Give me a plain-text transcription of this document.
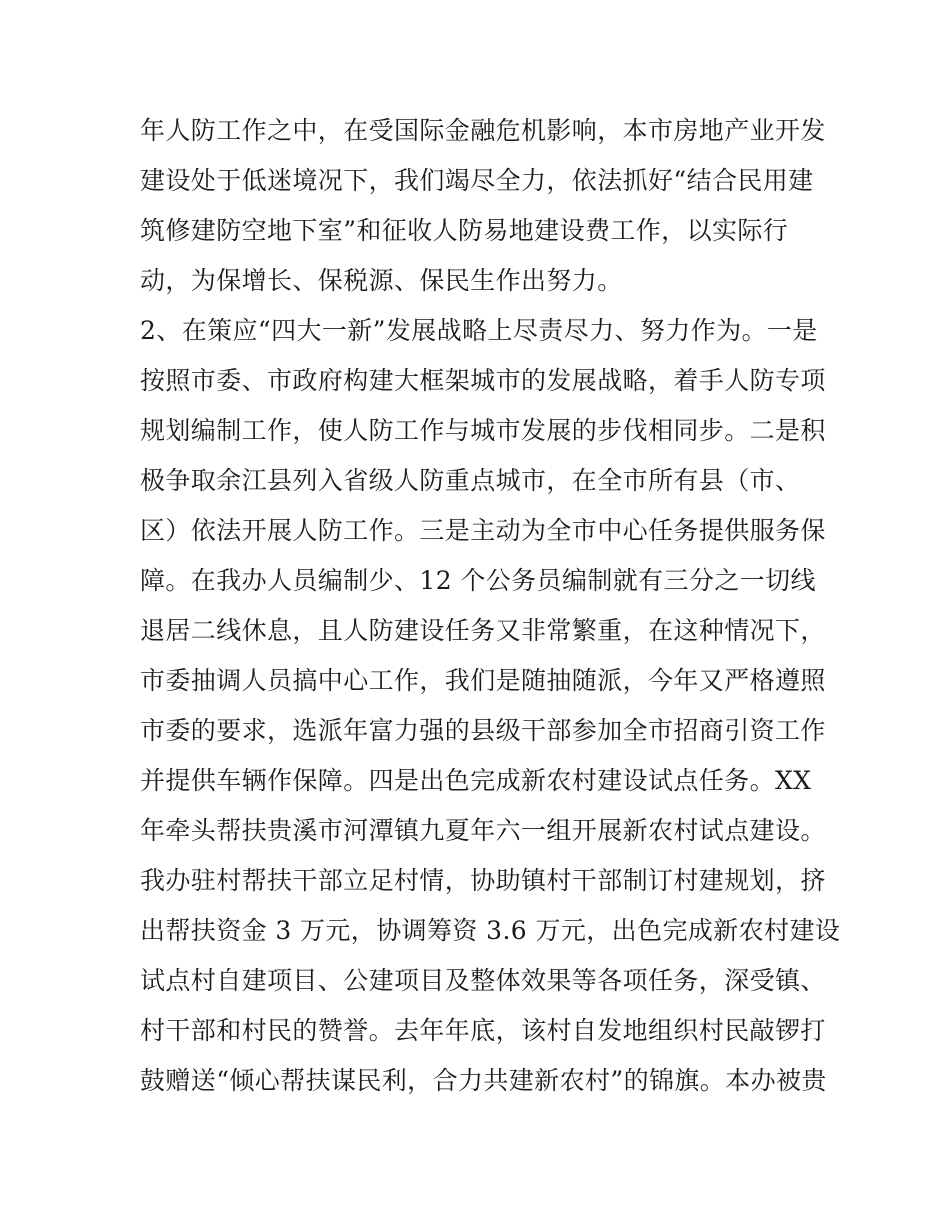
年人防工作之中，在受国际金融危机影响，本市房地产业开发
建设处于低迷境况下，我们竭尽全力，依法抓好“结合民用建
筑修建防空地下室”和征收人防易地建设费工作，以实际行
动，为保增长、保税源、保民生作出努力。
2、在策应“四大一新”发展战略上尽责尽力、努力作为。一是
按照市委、市政府构建大框架城市的发展战略，着手人防专项
规划编制工作，使人防工作与城市发展的步伐相同步。二是积
极争取余江县列入省级人防重点城市，在全市所有县（市、
区）依法开展人防工作。三是主动为全市中心任务提供服务保
障。在我办人员编制少、12 个公务员编制就有三分之一切线
退居二线休息，且人防建设任务又非常繁重，在这种情况下，
市委抽调人员搞中心工作，我们是随抽随派，今年又严格遵照
市委的要求，选派年富力强的县级干部参加全市招商引资工作
并提供车辆作保障。四是出色完成新农村建设试点任务。XX
年牵头帮扶贵溪市河潭镇九夏年六一组开展新农村试点建设。
我办驻村帮扶干部立足村情，协助镇村干部制订村建规划，挤
出帮扶资金 3 万元，协调筹资 3.6 万元，出色完成新农村建设
试点村自建项目、公建项目及整体效果等各项任务，深受镇、
村干部和村民的赞誉。去年年底，该村自发地组织村民敲锣打
鼓赠送“倾心帮扶谋民利，合力共建新农村”的锦旗。本办被贵
